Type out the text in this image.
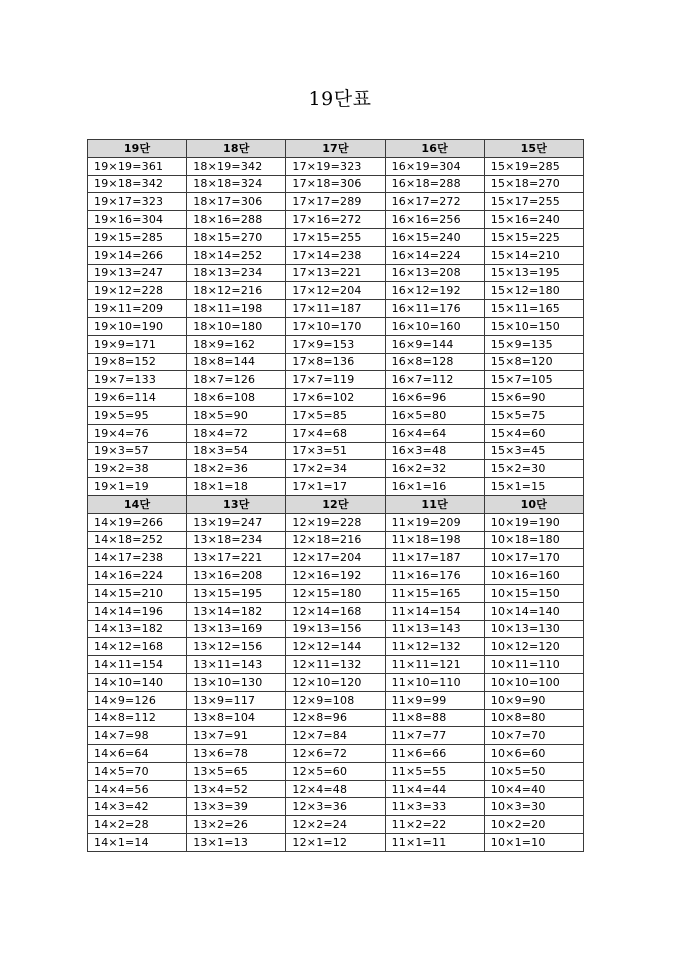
19단표
19단	18단	17단	16단	15단
19×19=361	18×19=342	17×19=323	16×19=304	15×19=285
19×18=342	18×18=324	17×18=306	16×18=288	15×18=270
19×17=323	18×17=306	17×17=289	16×17=272	15×17=255
19×16=304	18×16=288	17×16=272	16×16=256	15×16=240
19×15=285	18×15=270	17×15=255	16×15=240	15×15=225
19×14=266	18×14=252	17×14=238	16×14=224	15×14=210
19×13=247	18×13=234	17×13=221	16×13=208	15×13=195
19×12=228	18×12=216	17×12=204	16×12=192	15×12=180
19×11=209	18×11=198	17×11=187	16×11=176	15×11=165
19×10=190	18×10=180	17×10=170	16×10=160	15×10=150
19×9=171	18×9=162	17×9=153	16×9=144	15×9=135
19×8=152	18×8=144	17×8=136	16×8=128	15×8=120
19×7=133	18×7=126	17×7=119	16×7=112	15×7=105
19×6=114	18×6=108	17×6=102	16×6=96	15×6=90
19×5=95	18×5=90	17×5=85	16×5=80	15×5=75
19×4=76	18×4=72	17×4=68	16×4=64	15×4=60
19×3=57	18×3=54	17×3=51	16×3=48	15×3=45
19×2=38	18×2=36	17×2=34	16×2=32	15×2=30
19×1=19	18×1=18	17×1=17	16×1=16	15×1=15
14단	13단	12단	11단	10단
14×19=266	13×19=247	12×19=228	11×19=209	10×19=190
14×18=252	13×18=234	12×18=216	11×18=198	10×18=180
14×17=238	13×17=221	12×17=204	11×17=187	10×17=170
14×16=224	13×16=208	12×16=192	11×16=176	10×16=160
14×15=210	13×15=195	12×15=180	11×15=165	10×15=150
14×14=196	13×14=182	12×14=168	11×14=154	10×14=140
14×13=182	13×13=169	19×13=156	11×13=143	10×13=130
14×12=168	13×12=156	12×12=144	11×12=132	10×12=120
14×11=154	13×11=143	12×11=132	11×11=121	10×11=110
14×10=140	13×10=130	12×10=120	11×10=110	10×10=100
14×9=126	13×9=117	12×9=108	11×9=99	10×9=90
14×8=112	13×8=104	12×8=96	11×8=88	10×8=80
14×7=98	13×7=91	12×7=84	11×7=77	10×7=70
14×6=64	13×6=78	12×6=72	11×6=66	10×6=60
14×5=70	13×5=65	12×5=60	11×5=55	10×5=50
14×4=56	13×4=52	12×4=48	11×4=44	10×4=40
14×3=42	13×3=39	12×3=36	11×3=33	10×3=30
14×2=28	13×2=26	12×2=24	11×2=22	10×2=20
14×1=14	13×1=13	12×1=12	11×1=11	10×1=10
